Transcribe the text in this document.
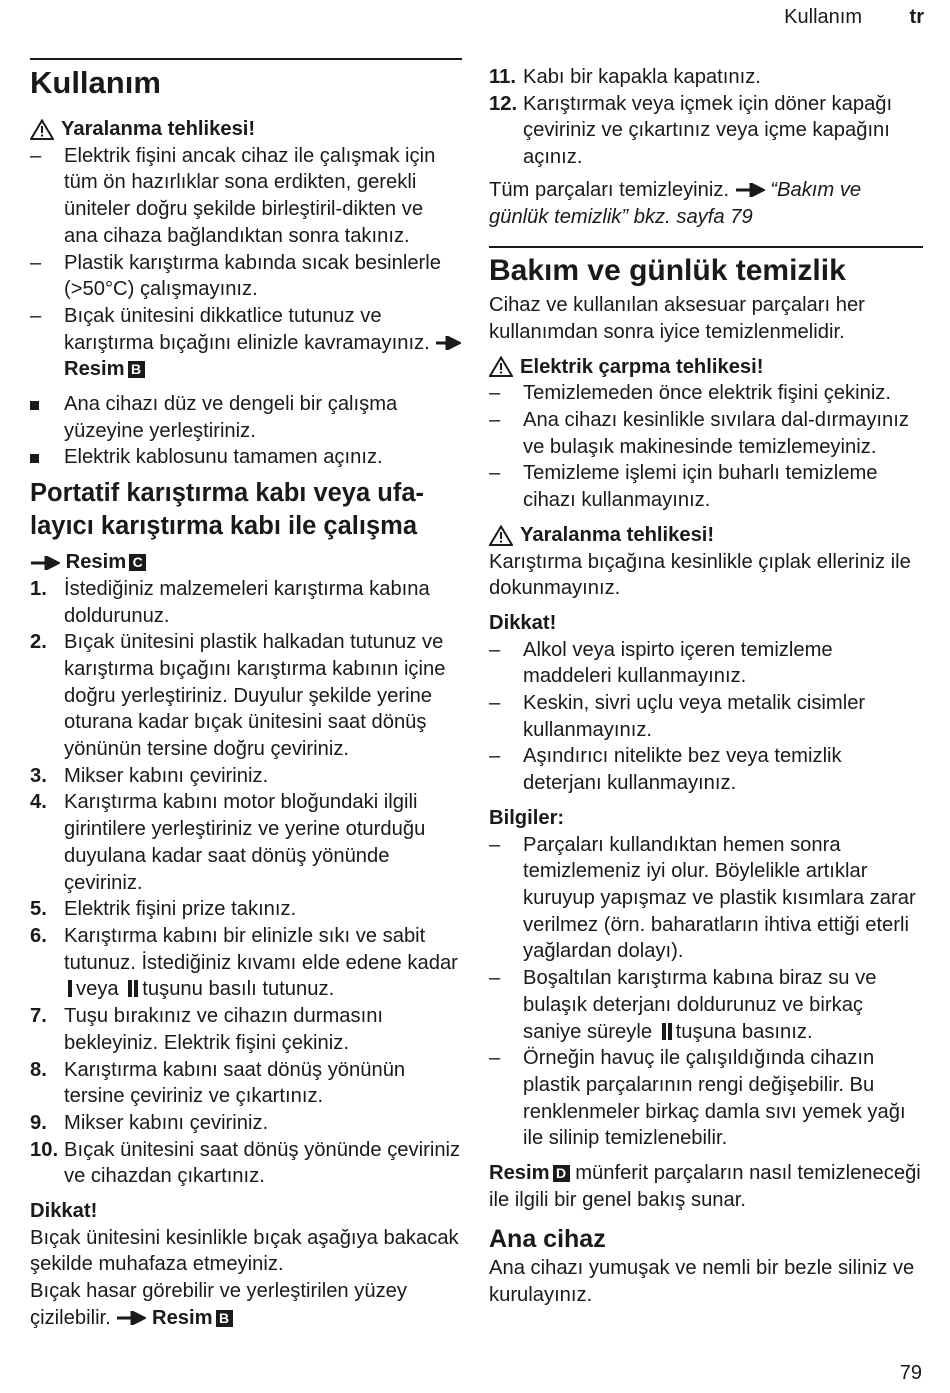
Kullanım tr
Kullanım
Yaralanma tehlikesi!
–	Elektrik fişini ancak cihaz ile çalışmak için tüm ön hazırlıklar sona erdikten, gerekli üniteler doğru şekilde birleştiril-dikten ve ana cihaza bağlandıktan sonra takınız.
–	Plastik karıştırma kabında sıcak besinlerle (>50°C) çalışmayınız.
–	Bıçak ünitesini dikkatlice tutunuz ve karıştırma bıçağını elinizle kavramayınız.  Resim B
Ana cihazı düz ve dengeli bir çalışma yüzeyine yerleştiriniz.
Elektrik kablosunu tamamen açınız.
Portatif karıştırma kabı veya ufa-layıcı karıştırma kabı ile çalışma
Resim C
1. İstediğiniz malzemeleri karıştırma kabına doldurunuz.
2. Bıçak ünitesini plastik halkadan tutunuz ve karıştırma bıçağını karıştırma kabının içine doğru yerleştiriniz. Duyulur şekilde yerine oturana kadar bıçak ünitesini saat dönüş yönünün tersine doğru çeviriniz.
3. Mikser kabını çeviriniz.
4. Karıştırma kabını motor bloğundaki ilgili girintilere yerleştiriniz ve yerine oturduğu duyulana kadar saat dönüş yönünde çeviriniz.
5. Elektrik fişini prize takınız.
6. Karıştırma kabını bir elinizle sıkı ve sabit tutunuz. İstediğiniz kıvamı elde edene kadarveya tuşunu basılı tutunuz.
7. Tuşu bırakınız ve cihazın durmasını bekleyiniz. Elektrik fişini çekiniz.
8. Karıştırma kabını saat dönüş yönünün tersine çeviriniz ve çıkartınız.
9. Mikser kabını çeviriniz.
10. Bıçak ünitesini saat dönüş yönünde çeviriniz ve cihazdan çıkartınız.

Dikkat!

Bıçak ünitesini kesinlikle bıçak aşağıya bakacak şekilde muhafaza etmeyiniz.

Bıçak hasar görebilir ve yerleştirilen yüzey çizilebilir. Resim B

11. Kabı bir kapakla kapatınız.
12. Karıştırmak veya içmek için döner kapağı çeviriniz ve çıkartınız veya içme kapağını açınız.

Tüm parçaları temizleyiniz. “Bakım ve günlük temizlik” bkz. sayfa 79

Bakım ve günlük temizlik

Cihaz ve kullanılan aksesuar parçaları her kullanımdan sonra iyice temizlenmelidir.

Elektrik çarpma tehlikesi!
–	Temizlemeden önce elektrik fişini çekiniz.
–	Ana cihazı kesinlikle sıvılara dal-dırmayınız ve bulaşık makinesinde temizlemeyiniz.
–	Temizleme işlemi için buharlı temizleme cihazı kullanmayınız.
Yaralanma tehlikesi!

Karıştırma bıçağına kesinlikle çıplak elleriniz ile dokunmayınız.

Dikkat!

–	Alkol veya ispirto içeren temizleme maddeleri kullanmayınız.
–	Keskin, sivri uçlu veya metalik cisimler kullanmayınız.
–	Aşındırıcı nitelikte bez veya temizlik deterjanı kullanmayınız.

Bilgiler:

–	Parçaları kullandıktan hemen sonra temizlemeniz iyi olur. Böylelikle artıklar kuruyup yapışmaz ve plastik kısımlara zarar verilmez (örn. baharatların ihtiva ettiği eterli yağlardan dolayı).
–	Boşaltılan karıştırma kabına biraz su ve bulaşık deterjanı doldurunuz ve birkaç saniye süreyle tuşuna basınız.
–	Örneğin havuç ile çalışıldığında cihazın plastik parçalarının rengi değişebilir. Bu renklenmeler birkaç damla sıvı yemek yağı ile silinip temizlenebilir.

Resim D münferit parçaların nasıl temizleneceği ile ilgili bir genel bakış sunar.

Ana cihaz

Ana cihazı yumuşak ve nemli bir bezle siliniz ve kurulayınız.

79
